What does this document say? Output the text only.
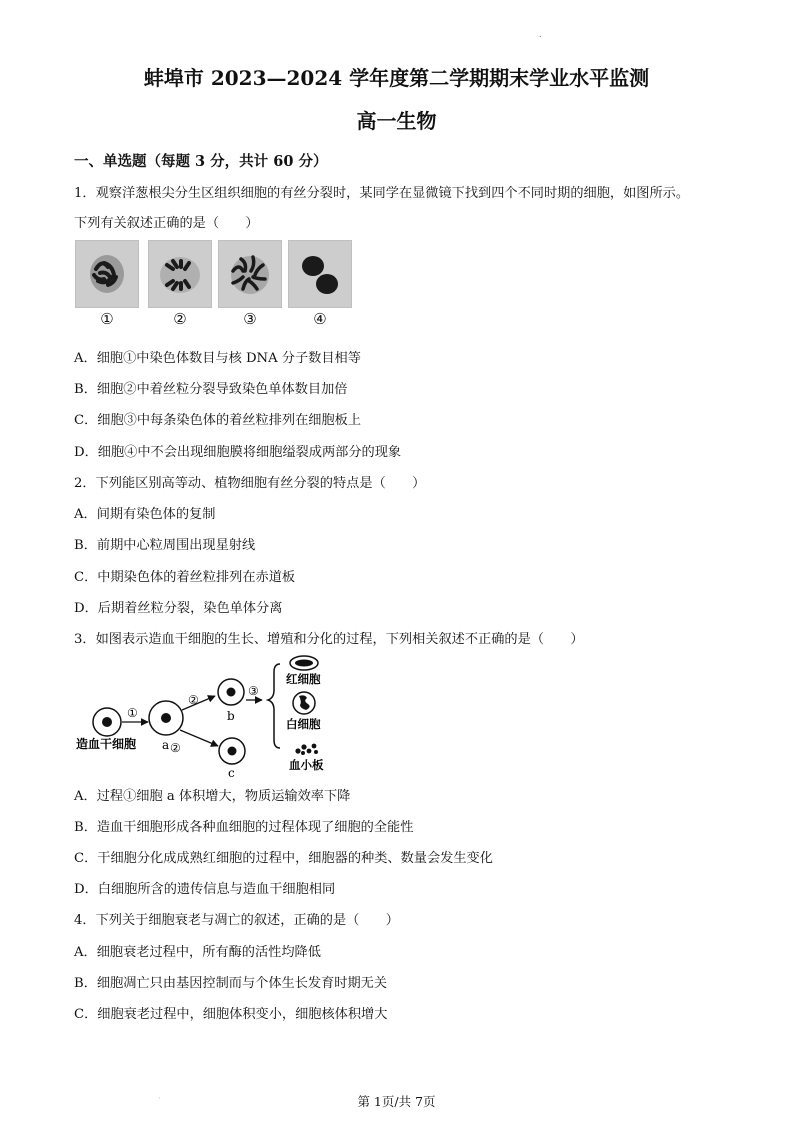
.
蚌埠市 2023—2024 学年度第二学期期末学业水平监测
高一生物
一、单选题（每题 3 分，共计 60 分）
1．观察洋葱根尖分生区组织细胞的有丝分裂时，某同学在显微镜下找到四个不同时期的细胞，如图所示。
下列有关叙述正确的是（　　）
①	②	③	④
A．细胞①中染色体数目与核 DNA 分子数目相等
B．细胞②中着丝粒分裂导致染色单体数目加倍
C．细胞③中每条染色体的着丝粒排列在细胞板上
D．细胞④中不会出现细胞膜将细胞缢裂成两部分的现象
2．下列能区别高等动、植物细胞有丝分裂的特点是（　　）
A．间期有染色体的复制
B．前期中心粒周围出现星射线
C．中期染色体的着丝粒排列在赤道板
D．后期着丝粒分裂，染色单体分离
3．如图表示造血干细胞的生长、增殖和分化的过程，下列相关叙述不正确的是（　　）
①
a
②
②
b
c
③
红细胞
白细胞
血小板
造血干细胞
A．过程①细胞 a 体积增大，物质运输效率下降
B．造血干细胞形成各种血细胞的过程体现了细胞的全能性
C．干细胞分化成成熟红细胞的过程中，细胞器的种类、数量会发生变化
D．白细胞所含的遗传信息与造血干细胞相同
4．下列关于细胞衰老与凋亡的叙述，正确的是（　　）
A．细胞衰老过程中，所有酶的活性均降低
B．细胞凋亡只由基因控制而与个体生长发育时期无关
C．细胞衰老过程中，细胞体积变小，细胞核体积增大
·	第 1页/共 7页
